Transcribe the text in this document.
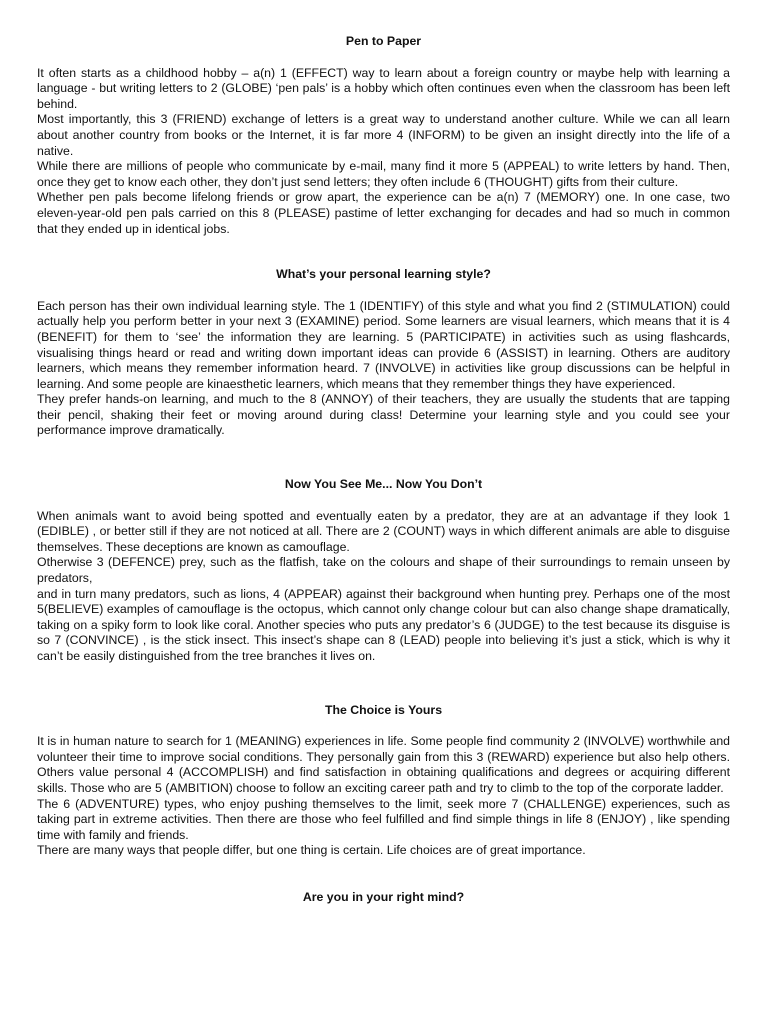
Pen to Paper

It often starts as a childhood hobby – a(n) 1 (EFFECT) way to learn about a foreign country or maybe help with learning a language - but writing letters to 2 (GLOBE) ‘pen pals’ is a hobby which often continues even when the classroom has been left behind.

Most importantly, this 3 (FRIEND) exchange of letters is a great way to understand another culture. While we can all learn about another country from books or the Internet, it is far more 4 (INFORM) to be given an insight directly into the life of a native.

While there are millions of people who communicate by e-mail, many find it more 5 (APPEAL) to write letters by hand. Then, once they get to know each other, they don’t just send letters; they often include 6 (THOUGHT) gifts from their culture.

Whether pen pals become lifelong friends or grow apart, the experience can be a(n) 7 (MEMORY) one. In one case, two eleven-year-old pen pals carried on this 8 (PLEASE) pastime of letter exchanging for decades and had so much in common that they ended up in identical jobs.

What’s your personal learning style?

Each person has their own individual learning style. The 1 (IDENTIFY) of this style and what you find 2 (STIMULATION) could actually help you perform better in your next 3 (EXAMINE) period. Some learners are visual learners, which means that it is 4 (BENEFIT) for them to ‘see’ the information they are learning. 5 (PARTICIPATE) in activities such as using flashcards, visualising things heard or read and writing down important ideas can provide 6 (ASSIST) in learning. Others are auditory learners, which means they remember information heard. 7 (INVOLVE) in activities like group discussions can be helpful in learning. And some people are kinaesthetic learners, which means that they remember things they have experienced.

They prefer hands-on learning, and much to the 8 (ANNOY) of their teachers, they are usually the students that are tapping their pencil, shaking their feet or moving around during class! Determine your learning style and you could see your performance improve dramatically.

Now You See Me... Now You Don’t

When animals want to avoid being spotted and eventually eaten by a predator, they are at an advantage if they look 1 (EDIBLE) , or better still if they are not noticed at all. There are 2 (COUNT) ways in which different animals are able to disguise themselves. These deceptions are known as camouflage.

Otherwise 3 (DEFENCE) prey, such as the flatfish, take on the colours and shape of their surroundings to remain unseen by predators,

and in turn many predators, such as lions, 4 (APPEAR) against their background when hunting prey. Perhaps one of the most 5(BELIEVE) examples of camouflage is the octopus, which cannot only change colour but can also change shape dramatically, taking on a spiky form to look like coral. Another species who puts any predator’s 6 (JUDGE) to the test because its disguise is so 7 (CONVINCE) , is the stick insect. This insect’s shape can 8 (LEAD) people into believing it’s just a stick, which is why it can’t be easily distinguished from the tree branches it lives on.

The Choice is Yours

It is in human nature to search for 1 (MEANING) experiences in life. Some people find community 2 (INVOLVE) worthwhile and volunteer their time to improve social conditions. They personally gain from this 3 (REWARD) experience but also help others. Others value personal 4 (ACCOMPLISH) and find satisfaction in obtaining qualifications and degrees or acquiring different skills. Those who are 5 (AMBITION) choose to follow an exciting career path and try to climb to the top of the corporate ladder.

The 6 (ADVENTURE) types, who enjoy pushing themselves to the limit, seek more 7 (CHALLENGE) experiences, such as taking part in extreme activities. Then there are those who feel fulfilled and find simple things in life 8 (ENJOY) , like spending time with family and friends.

There are many ways that people differ, but one thing is certain. Life choices are of great importance.

Are you in your right mind?
